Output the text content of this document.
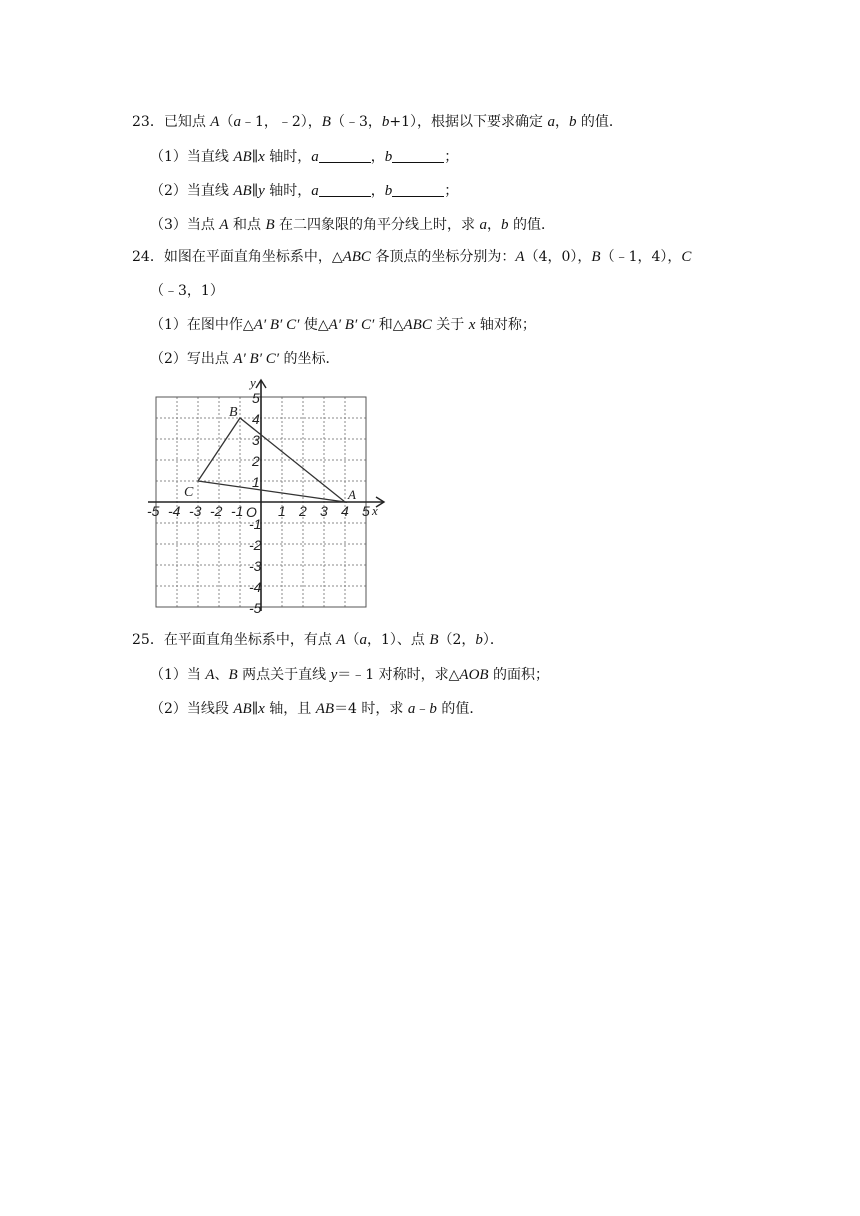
23．已知点 A（a﹣1，﹣2），B（﹣3，b+1），根据以下要求确定 a，b 的值．
（1）当直线 AB∥x 轴时，a	，b	；
（2）当直线 AB∥y 轴时，a	，b	；
（3）当点 A 和点 B 在二四象限的角平分线上时，求 a，b 的值．
24．如图在平面直角坐标系中，△ABC 各顶点的坐标分别为：A（4，0），B（﹣1，4），C
（﹣3，1）
（1）在图中作△A′ B′ C′ 使△A′ B′ C′ 和△ABC 关于 x 轴对称；
（2）写出点 A′ B′ C′ 的坐标．
-5 -4 -3 -2 -1 1 2 3 4 5
5
4
3
2
1
-1
-2
-3
-4
-5
x
y
O
A
B
C
25．在平面直角坐标系中，有点 A（a，1）、点 B（2，b）．
（1）当 A、B 两点关于直线 y＝﹣1 对称时，求△AOB 的面积；
（2）当线段 AB∥x 轴，且 AB＝4 时，求 a﹣b 的值．
